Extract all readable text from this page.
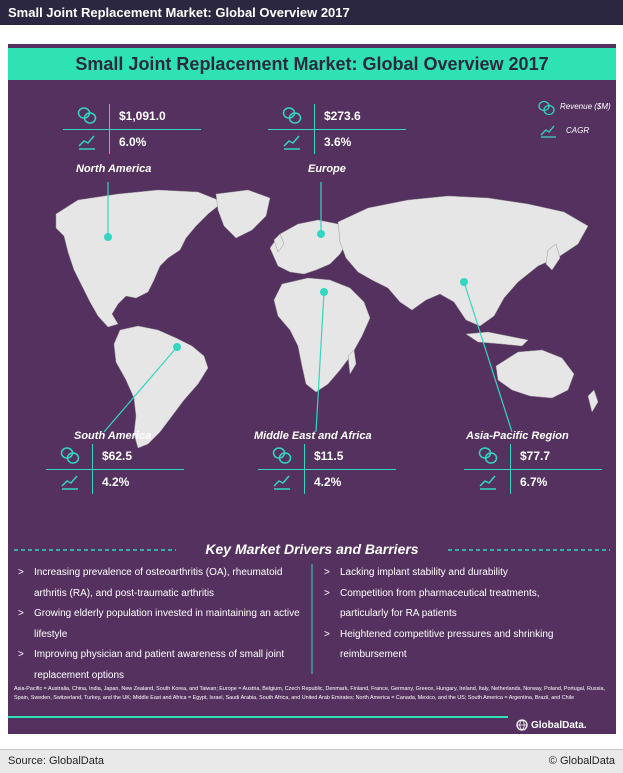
Small Joint Replacement Market: Global Overview 2017
Small Joint Replacement Market: Global Overview 2017
Revenue ($M)
CAGR
$1,091.0
6.0%
North America
$273.6
3.6%
Europe
South America
$62.5
4.2%
Middle East and Africa
$11.5
4.2%
Asia-Pacific Region
$77.7
6.7%
Key Market Drivers and Barriers
> Increasing prevalence of osteoarthritis (OA), rheumatoid arthritis (RA), and post-traumatic arthritis
> Growing elderly population invested in maintaining an active lifestyle
> Improving physician and patient awareness of small joint replacement options
> Lacking implant stability and durability
> Competition from pharmaceutical treatments, particularly for RA patients
> Heightened competitive pressures and shrinking reimbursement
Asia-Pacific = Australia, China, India, Japan, New Zealand, South Korea, and Taiwan; Europe = Austria, Belgium, Czech Republic, Denmark, Finland, France, Germany, Greece, Hungary, Ireland, Italy, Netherlands, Norway, Poland, Portugal, Russia, Spain, Sweden, Switzerland, Turkey, and the UK; Middle East and Africa = Egypt, Israel, Saudi Arabia, South Africa, and United Arab Emirates; North America = Canada, Mexico, and the US; South America = Argentina, Brazil, and Chile
GlobalData.
Source: GlobalData	© GlobalData
